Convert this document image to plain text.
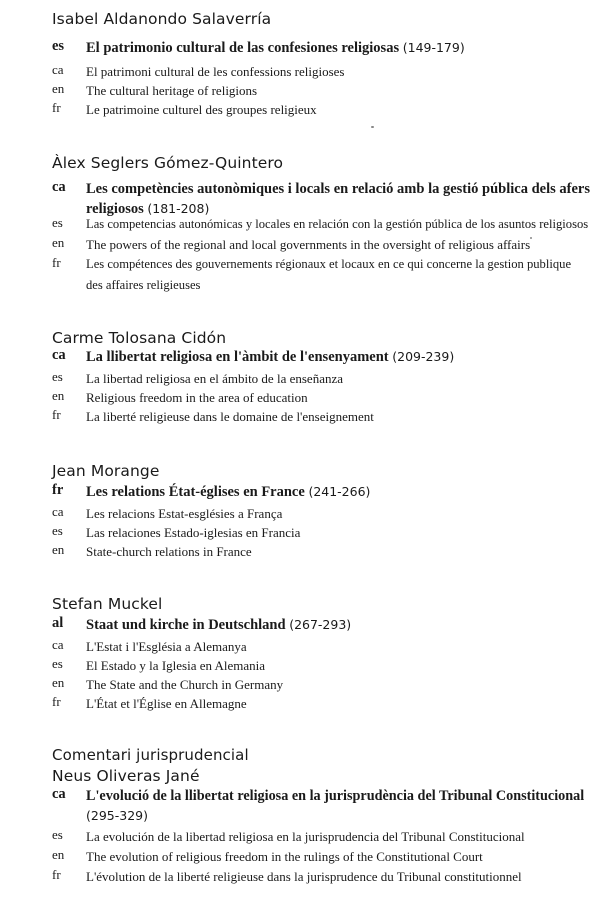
Isabel Aldanondo Salaverría
es	El patrimonio cultural de las confesiones religiosas (149-179)
ca	El patrimoni cultural de les confessions religioses
en	The cultural heritage of religions
fr	Le patrimoine culturel des groupes religieux
Àlex Seglers Gómez-Quintero
ca	Les competències autonòmiques i locals en relació amb la gestió pública dels afers
religiosos (181-208)
es	Las competencias autonómicas y locales en relación con la gestión pública de los asuntos religiosos
en	The powers of the regional and local governments in the oversight of religious affairs
fr	Les compétences des gouvernements régionaux et locaux en ce qui concerne la gestion publique
des affaires religieuses
Carme Tolosana Cidón
ca	La llibertat religiosa en l'àmbit de l'ensenyament (209-239)
es	La libertad religiosa en el ámbito de la enseñanza
en	Religious freedom in the area of education
fr	La liberté religieuse dans le domaine de l'enseignement
Jean Morange
fr	Les relations État-églises en France (241-266)
ca	Les relacions Estat-esglésies a França
es	Las relaciones Estado-iglesias en Francia
en	State-church relations in France
Stefan Muckel
al	Staat und kirche in Deutschland (267-293)
ca	L'Estat i l'Església a Alemanya
es	El Estado y la Iglesia en Alemania
en	The State and the Church in Germany
fr	L'État et l'Église en Allemagne
Comentari jurisprudencial
Neus Oliveras Jané
ca	L'evolució de la llibertat religiosa en la jurisprudència del Tribunal Constitucional
(295-329)
es	La evolución de la libertad religiosa en la jurisprudencia del Tribunal Constitucional
en	The evolution of religious freedom in the rulings of the Constitutional Court
fr	L'évolution de la liberté religieuse dans la jurisprudence du Tribunal constitutionnel
